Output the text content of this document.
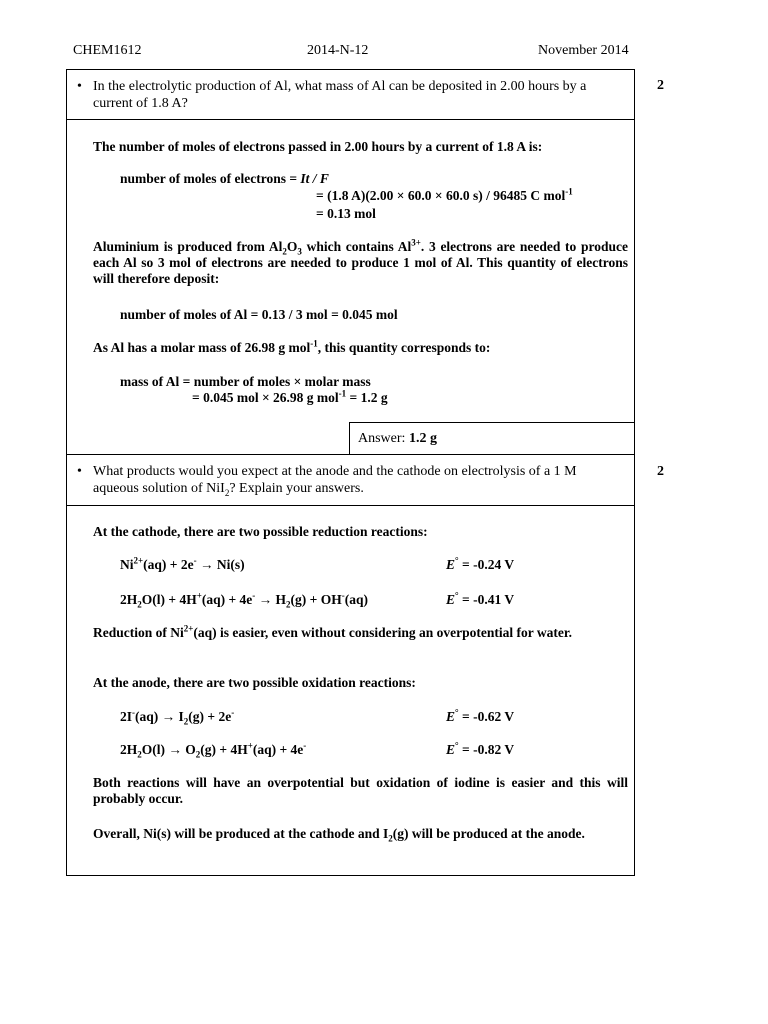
CHEM1612	2014-N-12	November 2014
• In the electrolytic production of Al, what mass of Al can be deposited in 2.00 hours by a current of 1.8 A?
2

The number of moles of electrons passed in 2.00 hours by a current of 1.8 A is:

number of moles of electrons = It / F

= (1.8 A)(2.00 × 60.0 × 60.0 s) / 96485 C mol$^{-1}$

= 0.13 mol

Aluminium is produced from $Al_2O_3$ which contains $Al^{3+}$. 3 electrons are needed to produce each Al so 3 mol of electrons are needed to produce 1 mol of Al. This quantity of electrons will therefore deposit:

number of moles of Al = 0.13 / 3 mol = 0.045 mol

As Al has a molar mass of 26.98 g mol$^{-1}$, this quantity corresponds to:

mass of Al = number of moles × molar mass

= 0.045 mol × 26.98 g mol$^{-1}$ = 1.2 g

Answer: 1.2 g
• What products would you expect at the anode and the cathode on electrolysis of a 1 M aqueous solution of NiI$_2$? Explain your answers.
2

At the cathode, there are two possible reduction reactions:

$Ni^{2+}(aq) + 2e^- \to Ni(s)$	E° = -0.24 V

$2H_2O(l) + 4H^+(aq) + 4e^- \to H_2(g) + OH^-(aq)$	E° = -0.41 V

Reduction of $Ni^{2+}(aq)$ is easier, even without considering an overpotential for water.

At the anode, there are two possible oxidation reactions:

$2I^-(aq) \to I_2(g) + 2e^-$	E° = -0.62 V

$2H_2O(l) \to O_2(g) + 4H^+(aq) + 4e^-$	E° = -0.82 V

Both reactions will have an overpotential but oxidation of iodine is easier and this will probably occur.

Overall, Ni(s) will be produced at the cathode and $I_2(g)$ will be produced at the anode.
